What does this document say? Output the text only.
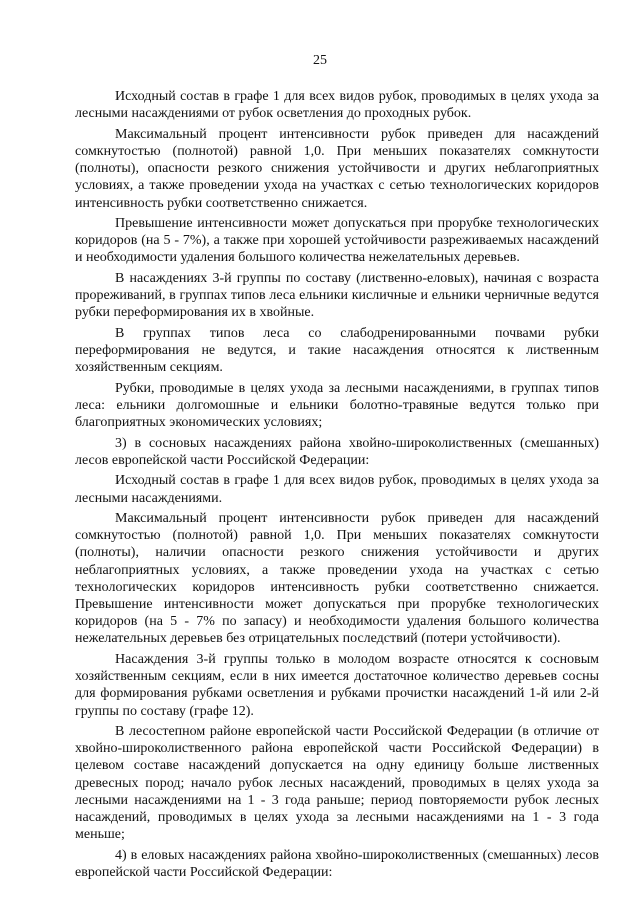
25

Исходный состав в графе 1 для всех видов рубок, проводимых в целях ухода за лесными насаждениями от рубок осветления до проходных рубок.

Максимальный процент интенсивности рубок приведен для насаждений сомкнутостью (полнотой) равной 1,0. При меньших показателях сомкнутости (полноты), опасности резкого снижения устойчивости и других неблагоприятных условиях, а также проведении ухода на участках с сетью технологических коридоров интенсивность рубки соответственно снижается.

Превышение интенсивности может допускаться при прорубке технологических коридоров (на 5 - 7%), а также при хорошей устойчивости разреживаемых насаждений и необходимости удаления большого количества нежелательных деревьев.

В насаждениях 3-й группы по составу (лиственно-еловых), начиная с возраста прореживаний, в группах типов леса ельники кисличные и ельники черничные ведутся рубки переформирования их в хвойные.

В группах типов леса со слабодренированными почвами рубки переформирования не ведутся, и такие насаждения относятся к лиственным хозяйственным секциям.

Рубки, проводимые в целях ухода за лесными насаждениями, в группах типов леса: ельники долгомошные и ельники болотно-травяные ведутся только при благоприятных экономических условиях;

3) в сосновых насаждениях района хвойно-широколиственных (смешанных) лесов европейской части Российской Федерации:

Исходный состав в графе 1 для всех видов рубок, проводимых в целях ухода за лесными насаждениями.

Максимальный процент интенсивности рубок приведен для насаждений сомкнутостью (полнотой) равной 1,0. При меньших показателях сомкнутости (полноты), наличии опасности резкого снижения устойчивости и других неблагоприятных условиях, а также проведении ухода на участках с сетью технологических коридоров интенсивность рубки соответственно снижается. Превышение интенсивности может допускаться при прорубке технологических коридоров (на 5 - 7% по запасу) и необходимости удаления большого количества нежелательных деревьев без отрицательных последствий (потери устойчивости).

Насаждения 3-й группы только в молодом возрасте относятся к сосновым хозяйственным секциям, если в них имеется достаточное количество деревьев сосны для формирования рубками осветления и рубками прочистки насаждений 1-й или 2-й группы по составу (графе 12).

В лесостепном районе европейской части Российской Федерации (в отличие от хвойно-широколиственного района европейской части Российской Федерации) в целевом составе насаждений допускается на одну единицу больше лиственных древесных пород; начало рубок лесных насаждений, проводимых в целях ухода за лесными насаждениями на 1 - 3 года раньше; период повторяемости рубок лесных насаждений, проводимых в целях ухода за лесными насаждениями на 1 - 3 года меньше;

4) в еловых насаждениях района хвойно-широколиственных (смешанных) лесов европейской части Российской Федерации:
